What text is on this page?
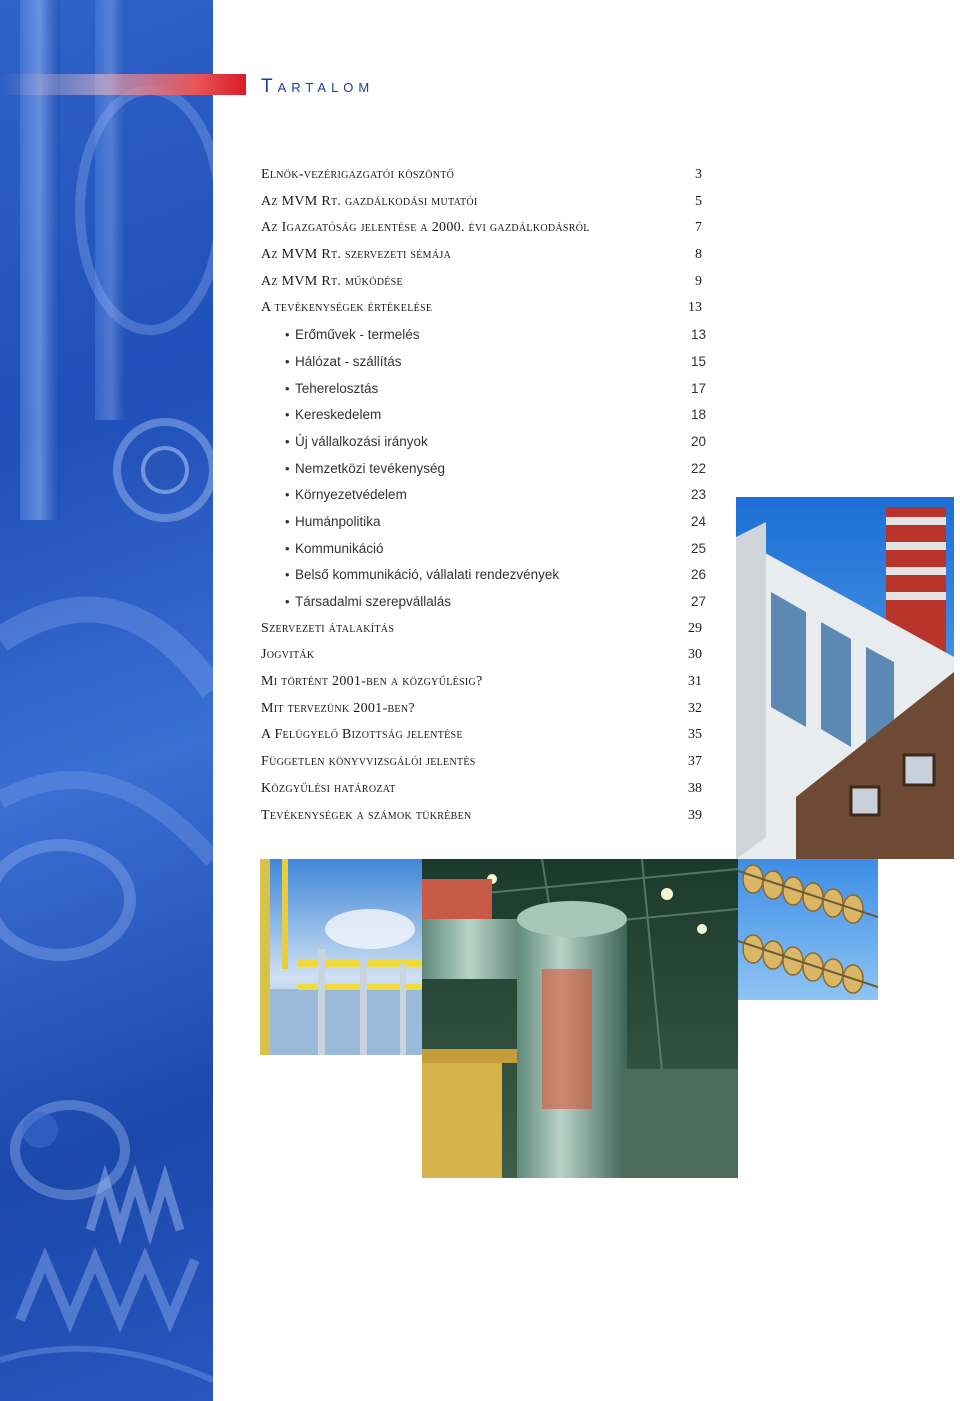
Tartalom
Elnök-vezérigazgatói köszöntő	3
Az MVM Rt. gazdálkodási mutatói	5
Az Igazgatóság jelentése a 2000. évi gazdálkodásról	7
Az MVM Rt. szervezeti sémája	8
Az MVM Rt. működése	9
A tevékenységek értékelése	13
• Erőművek - termelés	13
• Hálózat - szállítás	15
• Teherelosztás	17
• Kereskedelem	18
• Új vállalkozási irányok	20
• Nemzetközi tevékenység	22
• Környezetvédelem	23
• Humánpolitika	24
• Kommunikáció	25
• Belső kommunikáció, vállalati rendezvények	26
• Társadalmi szerepvállalás	27
Szervezeti átalakítás	29
Jogviták	30
Mi történt 2001-ben a közgyűlésig?	31
Mit tervezünk 2001-ben?	32
A Felügyelő Bizottság jelentése	35
Független könyvvizsgálói jelentés	37
Közgyűlési határozat	38
Tevékenységek a számok tükrében	39
